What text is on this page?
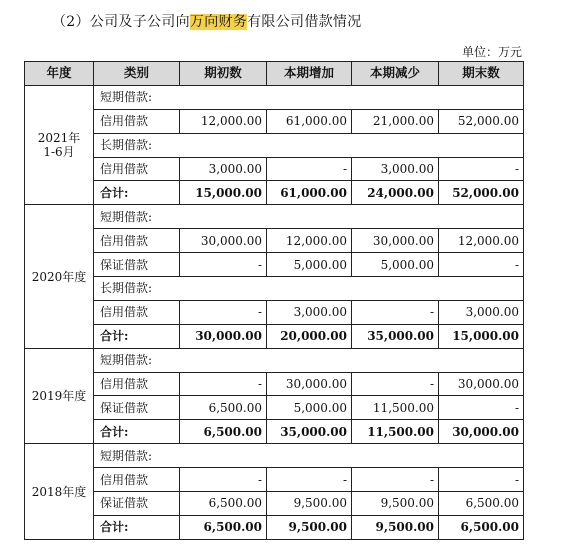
（2）公司及子公司向万向财务有限公司借款情况
单位：万元
年度	类别	期初数	本期增加	本期减少	期末数
2021年
1-6月	短期借款:				
	信用借款	12,000.00	61,000.00	21,000.00	52,000.00
	长期借款:				
	信用借款	3,000.00	-	3,000.00	-
	合计:	15,000.00	61,000.00	24,000.00	52,000.00
2020年度	短期借款:				
	信用借款	30,000.00	12,000.00	30,000.00	12,000.00
	保证借款	-	5,000.00	5,000.00	-
	长期借款:				
	信用借款	-	3,000.00	-	3,000.00
	合计:	30,000.00	20,000.00	35,000.00	15,000.00
2019年度	短期借款:				
	信用借款	-	30,000.00	-	30,000.00
	保证借款	6,500.00	5,000.00	11,500.00	-
	合计:	6,500.00	35,000.00	11,500.00	30,000.00
2018年度	短期借款:				
	信用借款	-	-	-	-
	保证借款	6,500.00	9,500.00	9,500.00	6,500.00
	合计:	6,500.00	9,500.00	9,500.00	6,500.00
